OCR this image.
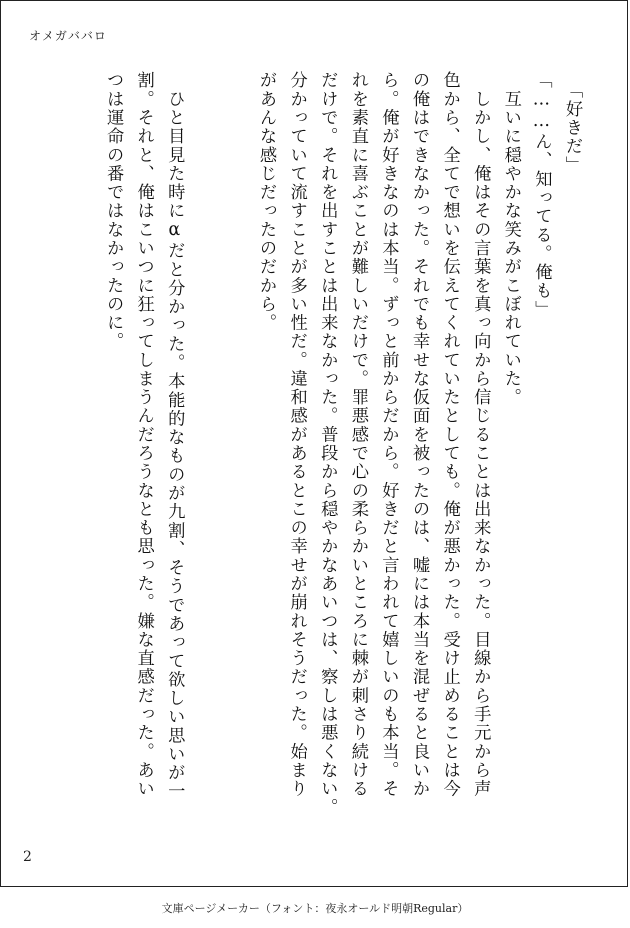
オメガババロ

　「好きだ」

「……ん、知ってる。俺も」

　互いに穏やかな笑みがこぼれていた。

　しかし、俺はその言葉を真っ向から信じることは出来なかった。目線から手元から声

色から、全てで想いを伝えてくれていたとしても。俺が悪かった。受け止めることは今

の俺はできなかった。それでも幸せな仮面を被ったのは、嘘には本当を混ぜると良いか

ら。俺が好きなのは本当。ずっと前からだから。好きだと言われて嬉しいのも本当。そ

れを素直に喜ぶことが難しいだけで。罪悪感で心の柔らかいところに棘が刺さり続ける

だけで。それを出すことは出来なかった。普段から穏やかなあいつは、察しは悪くない。

分かっていて流すことが多い性だ。違和感があるとこの幸せが崩れそうだった。始まり

があんな感じだったのだから。

　ひと目見た時にαだと分かった。本能的なものが九割、そうであって欲しい思いが一

割。それと、俺はこいつに狂ってしまうんだろうなとも思った。嫌な直感だった。あい

つは運命の番ではなかったのに。

2
文庫ページメーカー（フォント：夜永オールド明朝Regular）
